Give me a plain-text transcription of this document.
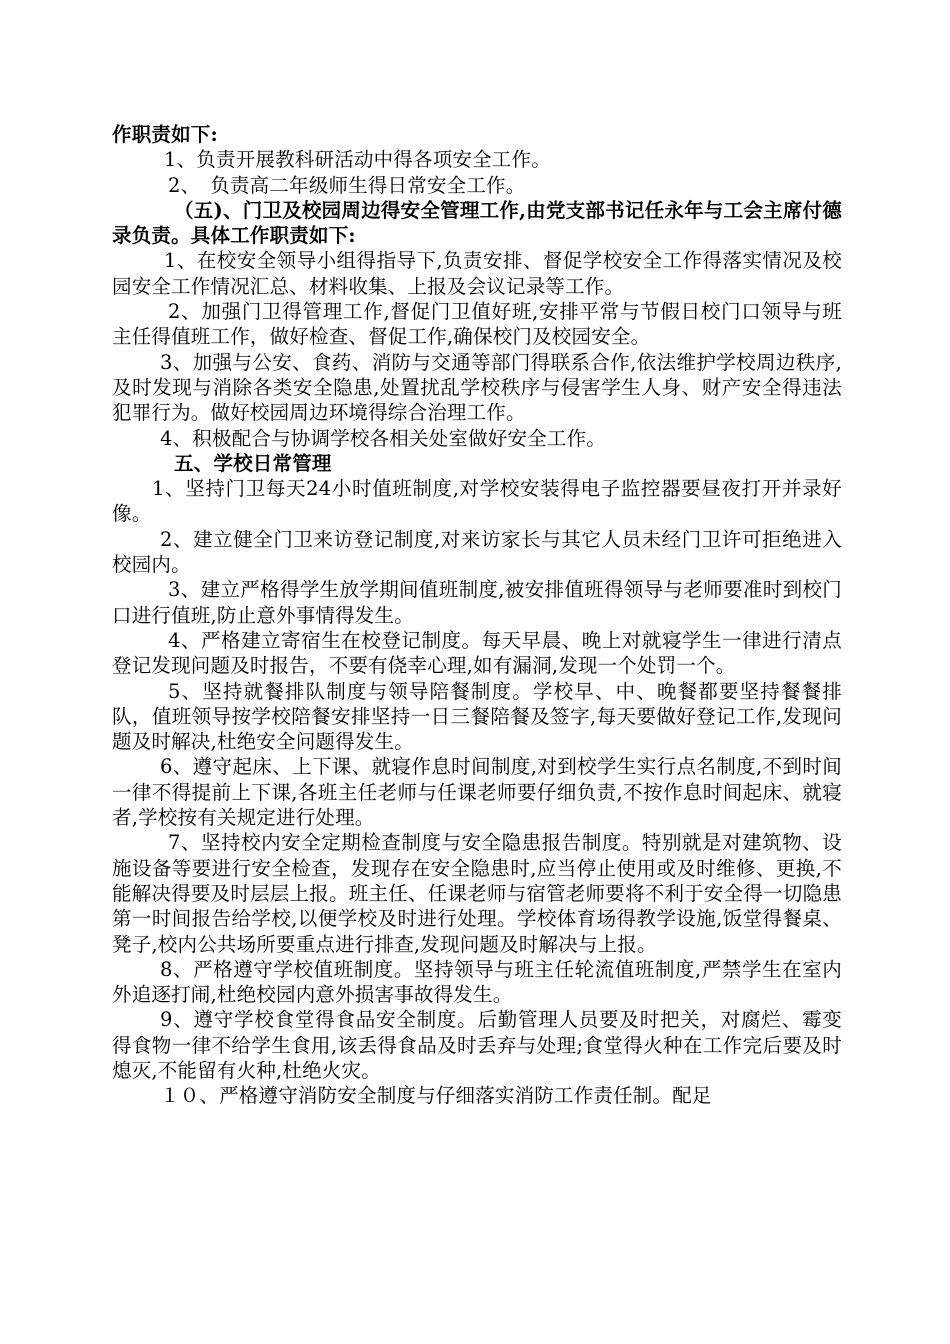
作职责如下:

1、负责开展教科研活动中得各项安全工作。

2、　负责高二年级师生得日常安全工作。

（五)、门卫及校园周边得安全管理工作,由党支部书记任永年与工会主席付德录负责。具体工作职责如下:

1、在校安全领导小组得指导下,负责安排、督促学校安全工作得落实情况及校园安全工作情况汇总、材料收集、上报及会议记录等工作。

2、加强门卫得管理工作,督促门卫值好班,安排平常与节假日校门口领导与班主任得值班工作，做好检查、督促工作,确保校门及校园安全。

3、加强与公安、食药、消防与交通等部门得联系合作,依法维护学校周边秩序,及时发现与消除各类安全隐患,处置扰乱学校秩序与侵害学生人身、财产安全得违法犯罪行为。做好校园周边环境得综合治理工作。

4、积极配合与协调学校各相关处室做好安全工作。

五、学校日常管理

1、坚持门卫每天24小时值班制度,对学校安装得电子监控器要昼夜打开并录好像。

2、建立健全门卫来访登记制度,对来访家长与其它人员未经门卫许可拒绝进入校园内。

3、建立严格得学生放学期间值班制度,被安排值班得领导与老师要准时到校门口进行值班,防止意外事情得发生。

4、严格建立寄宿生在校登记制度。每天早晨、晚上对就寝学生一律进行清点登记发现问题及时报告，不要有侥幸心理,如有漏洞,发现一个处罚一个。

5、坚持就餐排队制度与领导陪餐制度。学校早、中、晚餐都要坚持餐餐排队，值班领导按学校陪餐安排坚持一日三餐陪餐及签字,每天要做好登记工作,发现问题及时解决,杜绝安全问题得发生。

6、遵守起床、上下课、就寝作息时间制度,对到校学生实行点名制度,不到时间一律不得提前上下课,各班主任老师与任课老师要仔细负责,不按作息时间起床、就寝者,学校按有关规定进行处理。

7、坚持校内安全定期检查制度与安全隐患报告制度。特别就是对建筑物、设施设备等要进行安全检查，发现存在安全隐患时,应当停止使用或及时维修、更换,不能解决得要及时层层上报。班主任、任课老师与宿管老师要将不利于安全得一切隐患第一时间报告给学校,以便学校及时进行处理。学校体育场得教学设施,饭堂得餐桌、凳子,校内公共场所要重点进行排查,发现问题及时解决与上报。

8、严格遵守学校值班制度。坚持领导与班主任轮流值班制度,严禁学生在室内外追逐打闹,杜绝校园内意外损害事故得发生。

9、遵守学校食堂得食品安全制度。后勤管理人员要及时把关，对腐烂、霉变得食物一律不给学生食用,该丢得食品及时丢弃与处理;食堂得火种在工作完后要及时熄灭,不能留有火种,杜绝火灾。

１０、严格遵守消防安全制度与仔细落实消防工作责任制。配足
